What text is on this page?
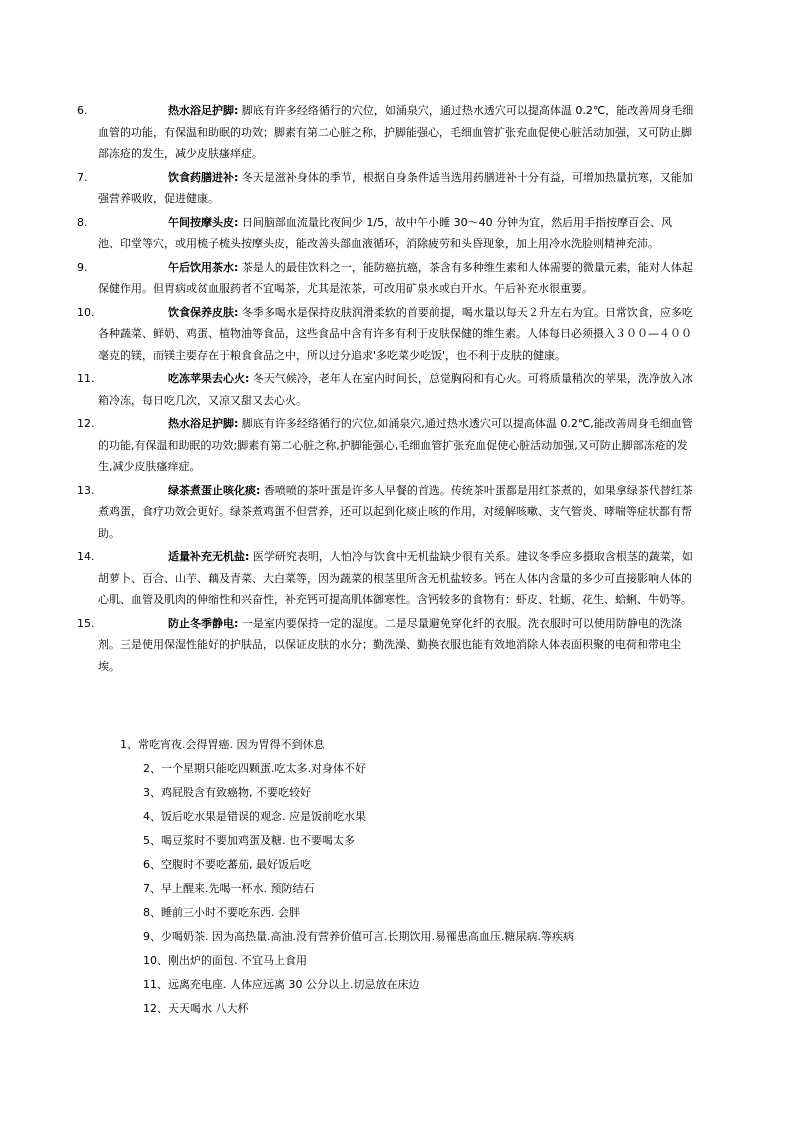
6.	热水浴足护脚: 脚底有许多经络循行的穴位，如涌泉穴，通过热水透穴可以提高体温 0.2℃，能改善周身毛细血管的功能，有保温和助眠的功效；脚素有第二心脏之称，护脚能强心，毛细血管扩张充血促使心脏活动加强，又可防止脚部冻疮的发生，减少皮肤瘙痒症。
7.	饮食药膳进补: 冬天是滋补身体的季节，根据自身条件适当选用药膳进补十分有益，可增加热量抗寒，又能加强营养吸收，促进健康。
8.	午间按摩头皮: 日间脑部血流量比夜间少 1/5，故中午小睡 30～40 分钟为宜，然后用手指按摩百会、风池、印堂等穴，或用梳子梳头按摩头皮，能改善头部血液循环，消除疲劳和头昏现象，加上用冷水洗脸则精神充沛。
9.	午后饮用茶水: 茶是人的最佳饮料之一，能防癌抗癌，茶含有多种维生素和人体需要的微量元素，能对人体起保健作用。但胃病或贫血服药者不宜喝茶，尤其是浓茶，可改用矿泉水或白开水。午后补充水很重要。
10.	饮食保养皮肤: 冬季多喝水是保持皮肤润滑柔软的首要前提，喝水量以每天２升左右为宜。日常饮食，应多吃各种蔬菜、鲜奶、鸡蛋、植物油等食品，这些食品中含有许多有利于皮肤保健的维生素。人体每日必须摄入３００—４００毫克的镁，而镁主要存在于粮食食品之中，所以过分追求'多吃菜少吃饭'，也不利于皮肤的健康。
11.	吃冻苹果去心火: 冬天气候冷，老年人在室内时间长，总觉胸闷和有心火。可将质量稍次的苹果，洗净放入冰箱冷冻，每日吃几次，又凉又甜又去心火。
12.	热水浴足护脚: 脚底有许多经络循行的穴位,如涌泉穴,通过热水透穴可以提高体温 0.2℃,能改善周身毛细血管的功能,有保温和助眠的功效;脚素有第二心脏之称,护脚能强心,毛细血管扩张充血促使心脏活动加强,又可防止脚部冻疮的发生,减少皮肤瘙痒症。
13.	绿茶煮蛋止咳化痰: 香喷喷的茶叶蛋是许多人早餐的首选。传统茶叶蛋都是用红茶煮的，如果拿绿茶代替红茶煮鸡蛋，食疗功效会更好。绿茶煮鸡蛋不但营养，还可以起到化痰止咳的作用，对缓解咳嗽、支气管炎、哮喘等症状都有帮助。
14.	适量补充无机盐: 医学研究表明，人怕冷与饮食中无机盐缺少很有关系。建议冬季应多摄取含根茎的蔬菜，如胡萝卜、百合、山芋、藕及青菜、大白菜等，因为蔬菜的根茎里所含无机盐较多。钙在人体内含量的多少可直接影响人体的心肌、血管及肌肉的伸缩性和兴奋性，补充钙可提高肌体御寒性。含钙较多的食物有：虾皮、牡蛎、花生、蛤蜊、牛奶等。
15.	防止冬季静电: 一是室内要保持一定的湿度。二是尽量避免穿化纤的衣服。洗衣服时可以使用防静电的洗涤剂。三是使用保湿性能好的护肤品，以保证皮肤的水分；勤洗澡、勤换衣服也能有效地消除人体表面积聚的电荷和带电尘埃。
1、常吃宵夜.会得胃癌. 因为胃得不到休息
2、一个星期只能吃四颗蛋.吃太多.对身体不好
3、鸡屁股含有致癌物, 不要吃较好
4、饭后吃水果是错误的观念. 应是饭前吃水果
5、喝豆浆时不要加鸡蛋及糖. 也不要喝太多
6、空腹时不要吃蕃茄, 最好饭后吃
7、早上醒来.先喝一杯水. 预防结石
8、睡前三小时不要吃东西. 会胖
9、少喝奶茶. 因为高热量.高油.没有营养价值可言.长期饮用.易罹患高血压.糖尿病.等疾病
10、刚出炉的面包. 不宜马上食用
11、远离充电座. 人体应远离 30 公分以上.切忌放在床边
12、天天喝水 八大杯
